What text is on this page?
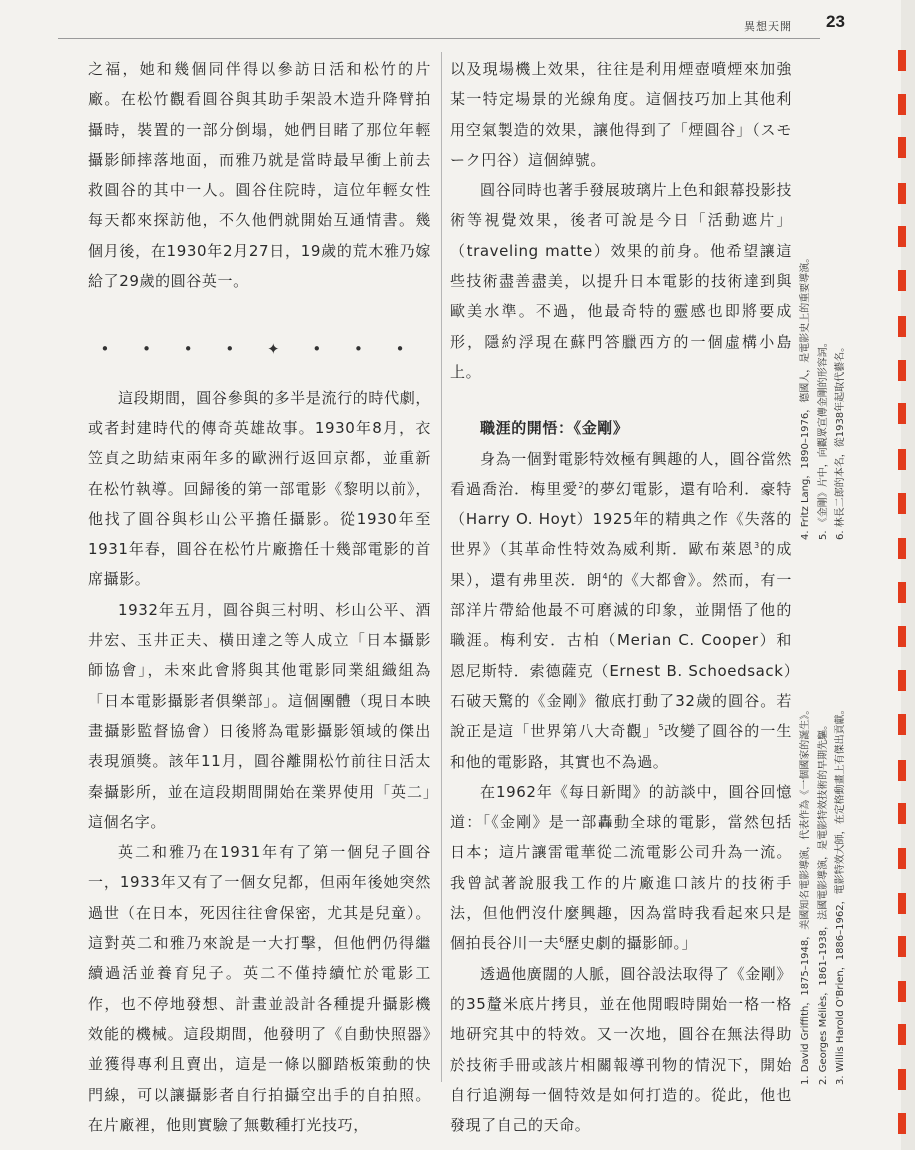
異想天開 23

之福，她和幾個同伴得以參訪日活和松竹的片廠。在松竹觀看圓谷與其助手架設木造升降臂拍攝時，裝置的一部分倒塌，她們目睹了那位年輕攝影師摔落地面，而雅乃就是當時最早衝上前去救圓谷的其中一人。圓谷住院時，這位年輕女性每天都來探訪他，不久他們就開始互通情書。幾個月後，在1930年2月27日，19歲的荒木雅乃嫁給了29歲的圓谷英一。

• • • • ✦ • • •

這段期間，圓谷參與的多半是流行的時代劇，或者封建時代的傳奇英雄故事。1930年8月，衣笠貞之助結束兩年多的歐洲行返回京都，並重新在松竹執導。回歸後的第一部電影《黎明以前》，他找了圓谷與杉山公平擔任攝影。從1930年至1931年春，圓谷在松竹片廠擔任十幾部電影的首席攝影。

1932年五月，圓谷與三村明、杉山公平、酒井宏、玉井正夫、橫田達之等人成立「日本攝影師協會」，未來此會將與其他電影同業組織組為「日本電影攝影者俱樂部」。這個團體（現日本映畫攝影監督協會）日後將為電影攝影領域的傑出表現頒獎。該年11月，圓谷離開松竹前往日活太秦攝影所，並在這段期間開始在業界使用「英二」這個名字。

英二和雅乃在1931年有了第一個兒子圓谷一，1933年又有了一個女兒都，但兩年後她突然過世（在日本，死因往往會保密，尤其是兒童）。這對英二和雅乃來說是一大打擊，但他們仍得繼續過活並養育兒子。英二不僅持續忙於電影工作，也不停地發想、計畫並設計各種提升攝影機效能的機械。這段期間，他發明了《自動快照器》並獲得專利且賣出，這是一條以腳踏板策動的快門線，可以讓攝影者自行拍攝空出手的自拍照。在片廠裡，他則實驗了無數種打光技巧，

以及現場機上效果，往往是利用煙壺噴煙來加強某一特定場景的光線角度。這個技巧加上其他利用空氣製造的效果，讓他得到了「煙圓谷」（スモーク円谷）這個綽號。

圓谷同時也著手發展玻璃片上色和銀幕投影技術等視覺效果，後者可說是今日「活動遮片」（traveling matte）效果的前身。他希望讓這些技術盡善盡美，以提升日本電影的技術達到與歐美水準。不過，他最奇特的靈感也即將要成形，隱約浮現在蘇門答臘西方的一個虛構小島上。

職涯的開悟：《金剛》

身為一個對電影特效極有興趣的人，圓谷當然看過喬治．梅里愛$^2$的夢幻電影，還有哈利．豪特（Harry O. Hoyt）1925年的精典之作《失落的世界》（其革命性特效為威利斯．歐布萊恩$^3$的成果），還有弗里茨．朗$^4$的《大都會》。然而，有一部洋片帶給他最不可磨滅的印象，並開悟了他的職涯。梅利安．古柏（Merian C. Cooper）和恩尼斯特．索德薩克（Ernest B. Schoedsack）石破天驚的《金剛》徹底打動了32歲的圓谷。若說正是這「世界第八大奇觀」$^5$改變了圓谷的一生和他的電影路，其實也不為過。

在1962年《每日新聞》的訪談中，圓谷回憶道：「《金剛》是一部轟動全球的電影，當然包括日本；這片讓雷電華從二流電影公司升為一流。我曾試著說服我工作的片廠進口該片的技術手法，但他們沒什麼興趣，因為當時我看起來只是個拍長谷川一夫$^6$歷史劇的攝影師。」

透過他廣闊的人脈，圓谷設法取得了《金剛》的35釐米底片拷貝，並在他閒暇時開始一格一格地研究其中的特效。又一次地，圓谷在無法得助於技術手冊或該片相關報導刊物的情況下，開始自行追溯每一個特效是如何打造的。從此，他也發現了自己的天命。

1. David Griffith，1875–1948，美國知名電影導演，代表作為《一個國家的誕生》。 2. Georges Méliès，1861–1938，法國電影導演，是電影特效技術的早期先驅。 3. Willis Harold O'Brien，1886–1962，電影特效大師，在定格動畫上有傑出貢獻。
4. Fritz Lang，1890–1976，德國人，是電影史上的重要導演。 5. 《金剛》片中，向觀眾宣傳金剛的形容詞。 6. 林長二郎的本名，從1938年起取代藝名。
